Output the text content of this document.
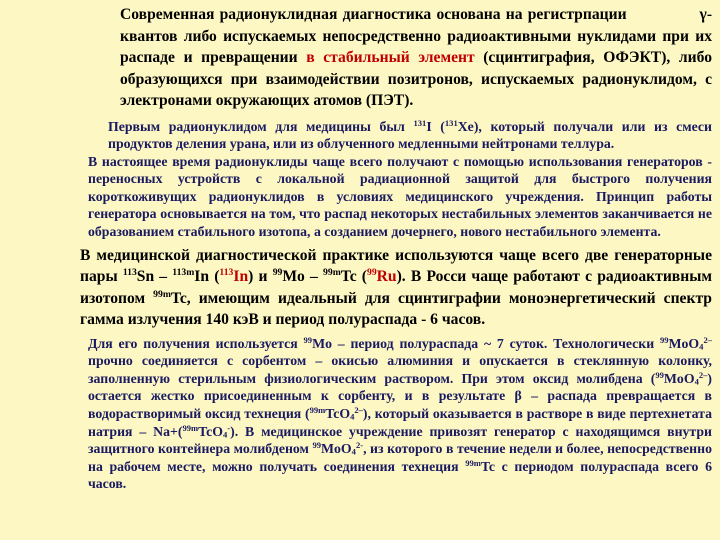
Современная радионуклидная диагностика основана на регистрпации	γ-квантов либо испускаемых непосредственно радиоактивными нуклидами при их распаде и превращении в стабильный элемент (сцинтиграфия, ОФЭКТ), либо образующихся при взаимодействии позитронов, испускаемых радионуклидом, с электронами окружающих атомов (ПЭТ).

Первым радионуклидом для медицины был $^{131}$I ($^{131}$Xe), который получали или из смеси продуктов деления урана, или из облученного медленными нейтронами теллура.

В настоящее время радионуклиды чаще всего получают с помощью использования генераторов - переносных устройств с локальной радиационной защитой для быстрого получения короткоживущих радионуклидов в условиях медицинского учреждения. Принцип работы генератора основывается на том, что распад некоторых нестабильных элементов заканчивается не образованием стабильного изотопа, а созданием дочернего, нового нестабильного элемента.

В медицинской диагностической практике используются чаще всего две генераторные пары $^{113}$Sn – $^{113m}$In ($^{113}$In) и $^{99}$Mo – $^{99m}$Tc ($^{99}$Ru). В Росси чаще работают с радиоактивным изотопом $^{99m}$Tc, имеющим идеальный для сцинтиграфии моноэнергетический спектр гамма излучения 140 кэВ и период полураспада - 6 часов.

Для его получения используется $^{99}$Mo – период полураспада ~ 7 суток. Технологически $^{99}$MoO$_4^{2-}$ прочно соединяется с сорбентом – окисью алюминия и опускается в стеклянную колонку, заполненную стерильным физиологическим раствором. При этом оксид молибдена ($^{99}$MoO$_4^{2-}$) остается жестко присоединенным к сорбенту, и в результате β – распада превращается в водорастворимый оксид технеция ($^{99m}$TcO$_4^{2-}$), который оказывается в растворе в виде пертехнетата натрия – Na+($^{99m}$TcO$_4$-). В медицинское учреждение привозят генератор с находящимся внутри защитного контейнера молибденом $^{99}$MoO$_4^{2-}$, из которого в течение недели и более, непосредственно на рабочем месте, можно получать соединения технеция $^{99m}$Tc с периодом полураспада всего 6 часов.
